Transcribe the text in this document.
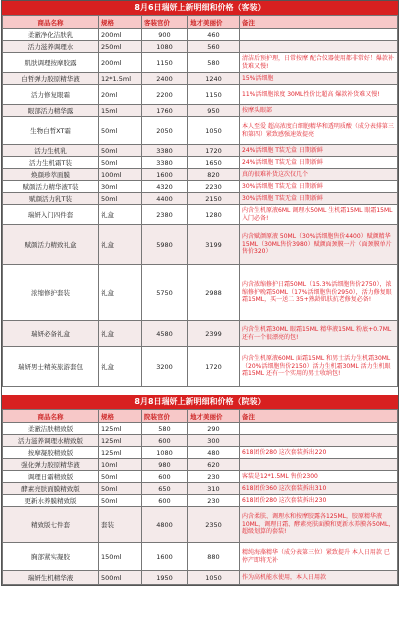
8月6日瑞妍上新明细和价格（客装）
商品名称	规格	客装官价	地才美丽价	备注
柔澈净化洁肤乳	200ml	900	460	
活力滋养调理水	250ml	1080	560	
肌肤调理按摩胶露	200ml	1150	580	清洁后预护理，日常按摩 配合仪器使用都非常好！爆款补货难又慢!
白哲弹力胶原精华液	12*1.5ml	2400	1240	15%活细胞
活力修复眼霜	20ml	2200	1150	11%活细胞浓度 30ML性价比超高 爆款补货难又慢!
眼部活力精华露	15ml	1760	950	按摩头眼部
生物白晳XT霜	50ml	2050	1050	本人至爱 超高浓度白细胞精华和透明质酸（成分表排第三和第四）紧致感强速效提亮
活力生机乳	50ml	3380	1720	24%活细胞 T装无盒 日期新鲜
活力生机霜T装	50ml	3380	1650	24%活细胞 T装无盒 日期新鲜
焕颜珍萃面膜	100ml	1600	820	真的很难补货这次仅几个
赋颜活力精华液T装	30ml	4320	2230	30%活细胞 T装无盒 日期新鲜
赋颜活力乳T装	50ml	4400	2150	30%活细胞 T装无盒 日期新鲜
瑞妍入门四件套	礼盒	2380	1280	内含生机原液6ML 调理水50ML 生机霜15ML 眼霜15ML 入门必备!
赋颜活力精致礼盒	礼盒	5980	3199	内含赋颜原液 50ML（30%活细胞售价4400）赋颜精华15ML（30ML售价3980）赋颜面颈膜一片（面颈膜单片售价320）
浓缩修护套装	礼盒	5750	2988	内含浓缩修护日霜50ML（15.3%活细胞售价2750），浓缩修护晚霜50ML（17%活细胞售价2950），活力修复眼霜15ML，买一送二 35+熟龄肌肤抗老修复必备!
瑞妍必备礼盒	礼盒	4580	2399	内含生机霜30ML 眼霜15ML 精华液15ML 粉底+0.7ML 还有一个很漂亮的包!
瑞妍男士精英旅游套包	礼盒	3200	1720	内含生机原液60ML 面霜15ML 和男士活力生机霜30ML（20%活细胞售价2150）活力生机霜30ML 活力生机眼霜15ML 还有一个实用的男士收纳包!
8月8日瑞妍上新明细和价格（院装）
商品名称	规格	院装官价	地才美丽价	备注
柔澈洁肤精致版	125ml	580	290	
活力滋养调理水精致版	125ml	600	300	
按摩凝胶精致版	125ml	1080	480	618团价280 这次套装拆出220
强化弹力胶原精华液	10ml	980	620	
调理日霜精致版	50ml	600	230	客装是12*1.5ML 售价2300
酵素亮肤面膜精致版	50ml	650	310	618团价360 这次套装拆出310
更新水养膜精致版	50ml	600	230	618团价280 这次套装拆出230
精致版七件套	套装	4800	2350	内含柔肤、调理水和按摩胶露各125ML，胶原精华液10ML，调理日霜、酵素亮肤面膜和更新水养膜各50ML，超级划算的套装!
胸部紧实凝胶	150ml	1600	880	精纯海藻精华（成分表第三位）紧致提升 本人日用款 已停产即将无补
瑞妍生机精华液	500ml	1950	1050	作为高机能水使用，本人日用款
